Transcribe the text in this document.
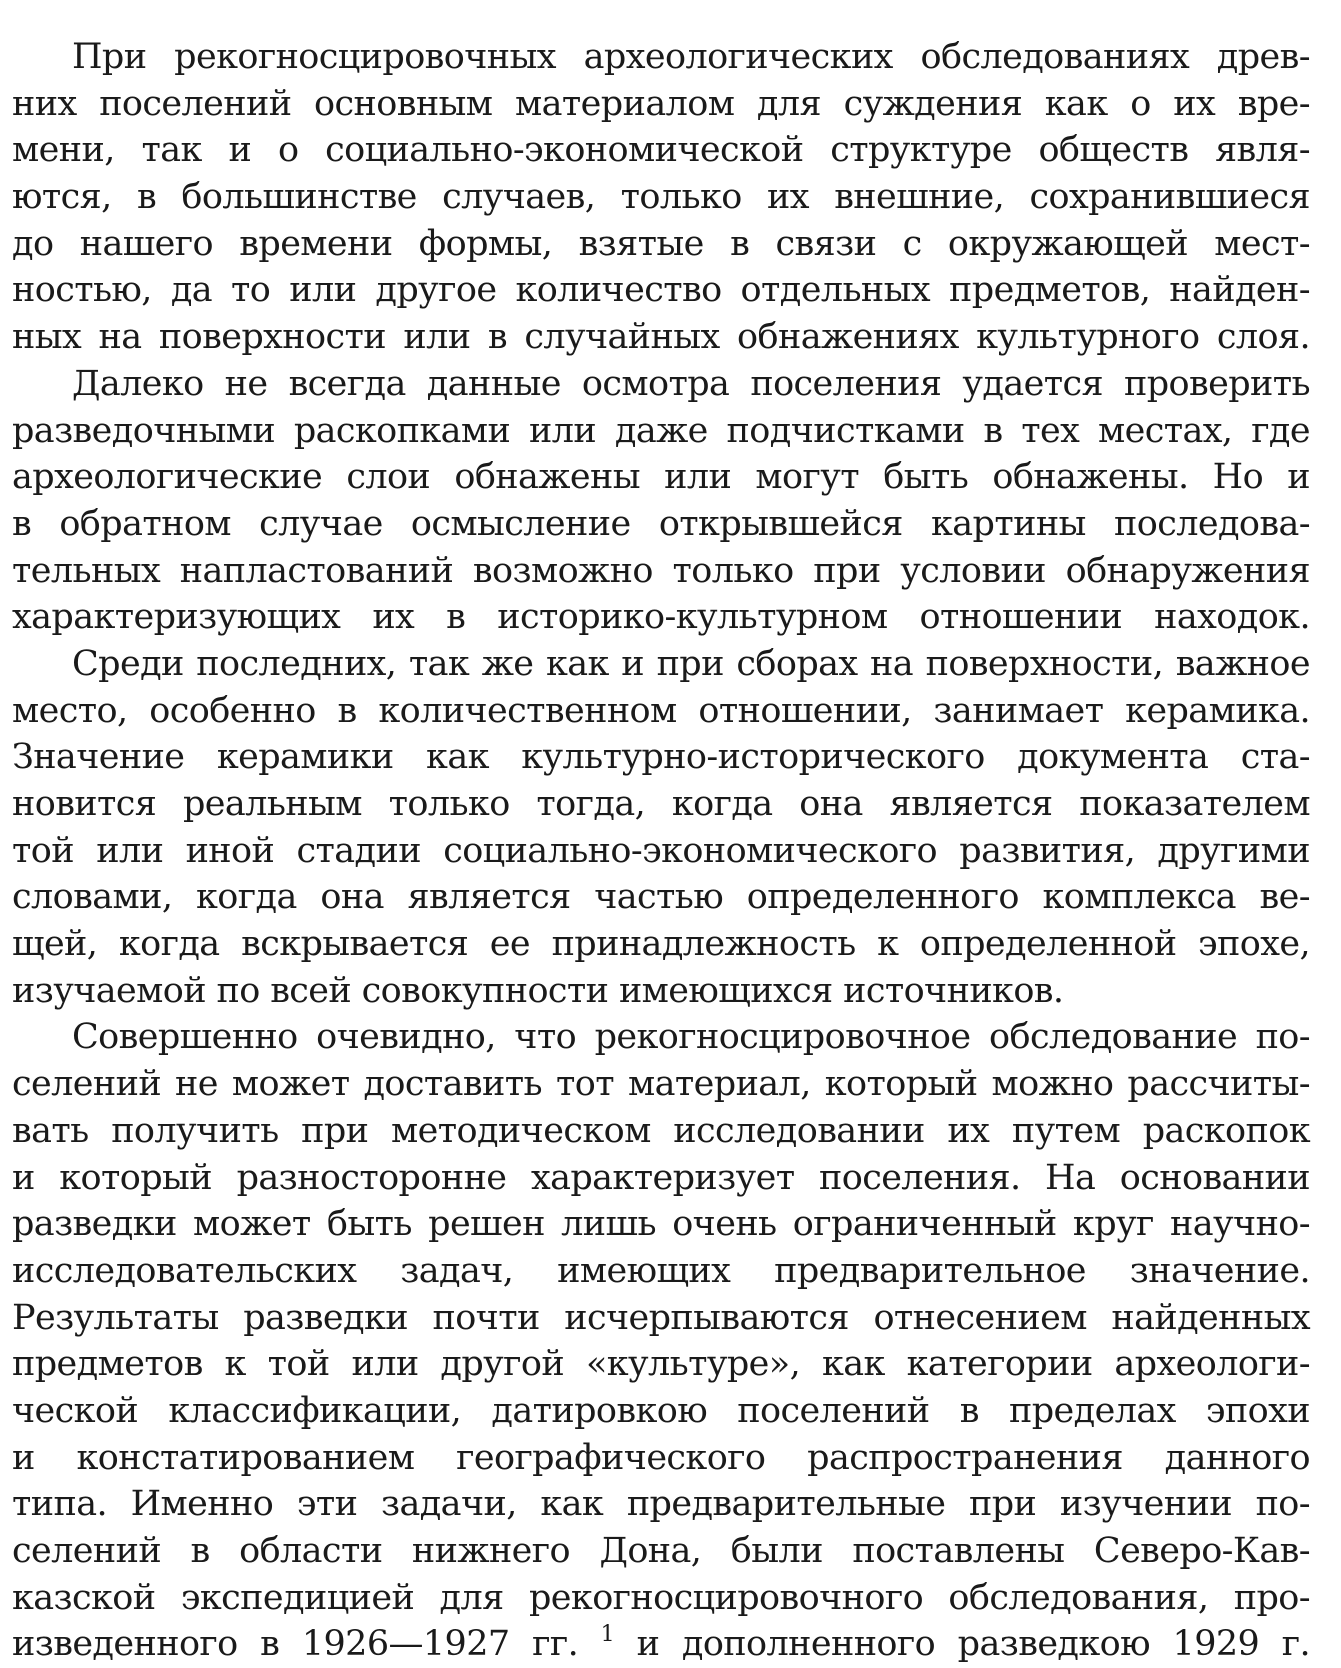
При рекогносцировочных археологических обследованиях древ-
них поселений основным материалом для суждения как о их вре-
мени, так и о социально-экономической структуре обществ явля-
ются, в большинстве случаев, только их внешние, сохранившиеся
до нашего времени формы, взятые в связи с окружающей мест-
ностью, да то или другое количество отдельных предметов, найден-
ных на поверхности или в случайных обнажениях культурного слоя.
Далеко не всегда данные осмотра поселения удается проверить
разведочными раскопками или даже подчистками в тех местах, где
археологические слои обнажены или могут быть обнажены. Но и
в обратном случае осмысление открывшейся картины последова-
тельных напластований возможно только при условии обнаружения
характеризующих их в историко-культурном отношении находок.
Среди последних, так же как и при сборах на поверхности, важное
место, особенно в количественном отношении, занимает керамика.
Значение керамики как культурно-исторического документа ста-
новится реальным только тогда, когда она является показателем
той или иной стадии социально-экономического развития, другими
словами, когда она является частью определенного комплекса ве-
щей, когда вскрывается ее принадлежность к определенной эпохе,
изучаемой по всей совокупности имеющихся источников.
Совершенно очевидно, что рекогносцировочное обследование по-
селений не может доставить тот материал, который можно рассчиты-
вать получить при методическом исследовании их путем раскопок
и который разносторонне характеризует поселения. На основании
разведки может быть решен лишь очень ограниченный круг научно-
исследовательских задач, имеющих предварительное значение.
Результаты разведки почти исчерпываются отнесением найденных
предметов к той или другой «культуре», как категории археологи-
ческой классификации, датировкою поселений в пределах эпохи
и констатированием географического распространения данного
типа. Именно эти задачи, как предварительные при изучении по-
селений в области нижнего Дона, были поставлены Северо-Кав-
казской экспедицией для рекогносцировочного обследования, про-
изведенного в 1926—1927 гг. $^1$ и дополненного разведкою 1929 г.
